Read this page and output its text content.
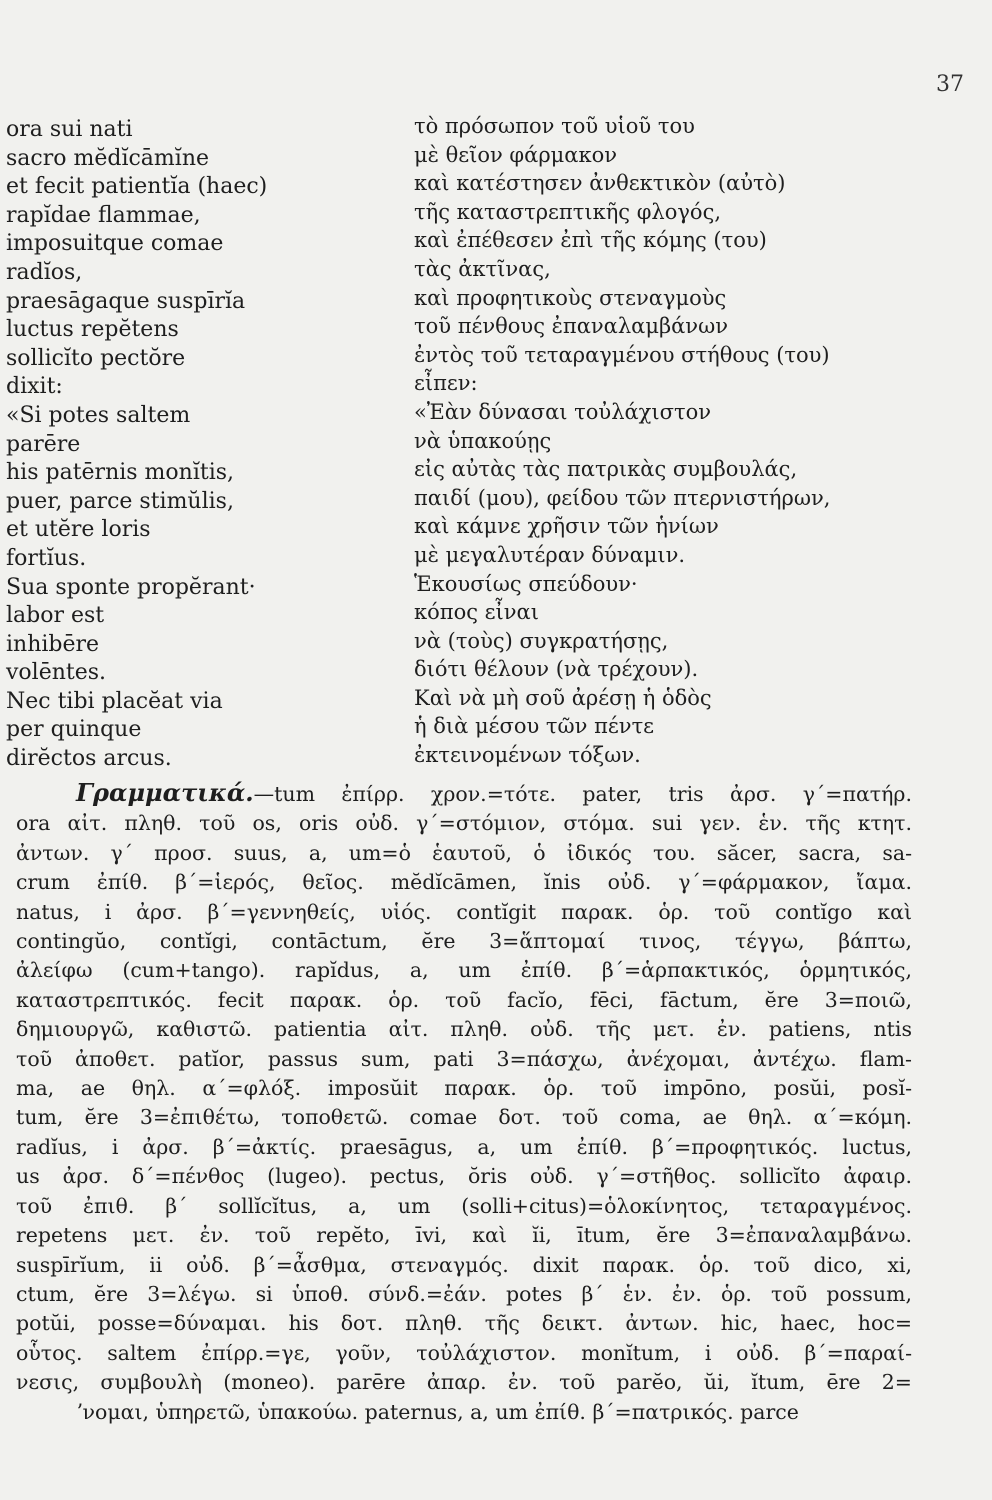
37
ora sui nati
sacro mĕdĭcāmĭne
et fecit patientĭa (haec)
rapĭdae flammae,
imposuitque comae
radĭos,
praesāgaque suspīrĭa
luctus repĕtens
sollicĭto pectŏre
dixit:
«Si potes saltem
parēre
his patērnis monĭtis,
puer, parce stimŭlis,
et utĕre loris
fortĭus.
Sua sponte propĕrant·
labor est
inhibēre
volēntes.
Nec tibi placĕat via
per quinque
dirĕctos arcus.
τὸ πρόσωπον τοῦ υἱοῦ του
μὲ θεῖον φάρμακον
καὶ κατέστησεν ἀνθεκτικὸν (αὐτὸ)
τῆς καταστρεπτικῆς φλογός,
καὶ ἐπέθεσεν ἐπὶ τῆς κόμης (του)
τὰς ἀκτῖνας,
καὶ προφητικοὺς στεναγμοὺς
τοῦ πένθους ἐπαναλαμβάνων
ἐντὸς τοῦ τεταραγμένου στήθους (του)
εἶπεν:
«Ἐὰν δύνασαι τοὐλάχιστον
νὰ ὑπακούῃς
εἰς αὐτὰς τὰς πατρικὰς συμβουλάς,
παιδί (μου), φείδου τῶν πτερνιστήρων,
καὶ κάμνε χρῆσιν τῶν ἡνίων
μὲ μεγαλυτέραν δύναμιν.
Ἑκουσίως σπεύδουν·
κόπος εἶναι
νὰ (τοὺς) συγκρατήσῃς,
διότι θέλουν (νὰ τρέχουν).
Καὶ νὰ μὴ σοῦ ἀρέσῃ ἡ ὁδὸς
ἡ διὰ μέσου τῶν πέντε
ἐκτεινομένων τόξων.
Γραμματικά.—tum ἐπίρρ. χρον.=τότε. pater, tris ἀρσ. γ΄=πατήρ.
ora αἰτ. πληθ. τοῦ os, oris οὐδ. γ΄=στόμιον, στόμα. sui γεν. ἑν. τῆς κτητ.
ἀντων. γ΄ προσ. suus, a, um=ὁ ἑαυτοῦ, ὁ ἰδικός του. săcer, sacra, sa-
crum ἐπίθ. β΄=ἱερός, θεῖος. mĕdĭcāmen, ĭnis οὐδ. γ΄=φάρμακον, ἴαμα.
natus, i ἀρσ. β΄=γεννηθείς, υἱός. contĭgit παρακ. ὁρ. τοῦ contĭgo καὶ
contingŭo, contĭgi, contāctum, ĕre 3=ἅπτομαί τινος, τέγγω, βάπτω,
ἀλείφω (cum+tango). rapĭdus, a, um ἐπίθ. β΄=ἁρπακτικός, ὁρμητικός,
καταστρεπτικός. fecit παρακ. ὁρ. τοῦ facĭo, fēci, fāctum, ĕre 3=ποιῶ,
δημιουργῶ, καθιστῶ. patientia αἰτ. πληθ. οὐδ. τῆς μετ. ἐν. patiens, ntis
τοῦ ἀποθετ. patĭor, passus sum, pati 3=πάσχω, ἀνέχομαι, ἀντέχω. flam-
ma, ae θηλ. α΄=φλόξ. imposŭit παρακ. ὁρ. τοῦ impōno, posŭi, posĭ-
tum, ĕre 3=ἐπιθέτω, τοποθετῶ. comae δοτ. τοῦ coma, ae θηλ. α΄=κόμη.
radĭus, i ἀρσ. β΄=ἀκτίς. praesāgus, a, um ἐπίθ. β΄=προφητικός. luctus,
us ἀρσ. δ΄=πένθος (lugeo). pectus, ŏris οὐδ. γ΄=στῆθος. sollicĭto ἀφαιρ.
τοῦ ἐπιθ. β΄ sollĭcĭtus, a, um (solli+citus)=ὁλοκίνητος, τεταραγμένος.
repetens μετ. ἐν. τοῦ repĕto, īvi, καὶ ĭi, ītum, ĕre 3=ἐπαναλαμβάνω.
suspīrĭum, ii οὐδ. β΄=ἆσθμα, στεναγμός. dixit παρακ. ὁρ. τοῦ dico, xi,
ctum, ĕre 3=λέγω. si ὑποθ. σύνδ.=ἐάν. potes β΄ ἑν. ἐν. ὁρ. τοῦ possum,
potŭi, posse=δύναμαι. his δοτ. πληθ. τῆς δεικτ. ἀντων. hic, haec, hoc=
οὗτος. saltem ἐπίρρ.=γε, γοῦν, τοὐλάχιστον. monĭtum, i οὐδ. β΄=παραί-
νεσις, συμβουλὴ (moneo). parēre ἀπαρ. ἐν. τοῦ parĕo, ŭi, ĭtum, ēre 2=
ʼνομαι, ὑπηρετῶ, ὑπακούω. paternus, a, um ἐπίθ. β΄=πατρικός. parce
